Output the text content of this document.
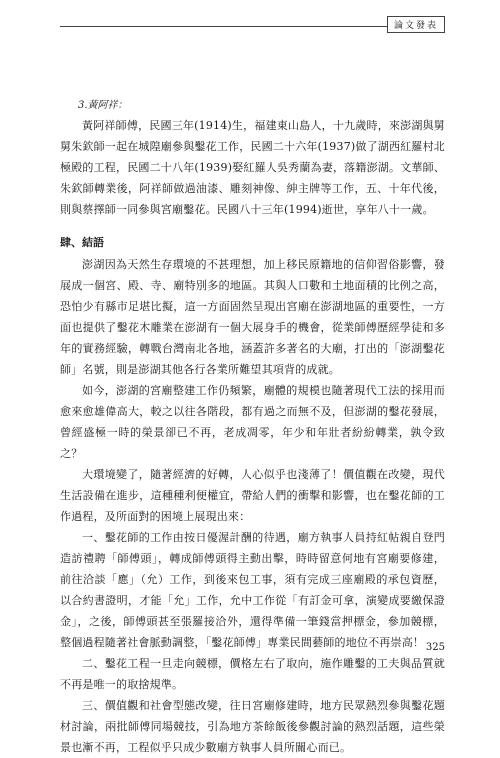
論文發表
3.黃阿祥：

黃阿祥師傅，民國三年(1914)生，福建東山島人，十九歲時，來澎湖與舅舅朱欽師一起在城隍廟參與鑿花工作，民國二十六年(1937)做了湖西紅羅村北極殿的工程，民國二十八年(1939)娶紅羅人吳秀蘭為妻，落籍澎湖。文華師、朱欽師轉業後，阿祥師做過油漆、雕刻神像、紳主牌等工作，五、十年代後，則與蔡擇師一同參與宮廟鑿花。民國八十三年(1994)逝世，享年八十一歲。

肆、結語

澎湖因為天然生存環境的不甚理想，加上移民原籍地的信仰習俗影響，發展成一個宮、殿、寺、廟特別多的地區。其與人口數和土地面積的比例之高，恐怕少有縣市足堪比擬，這一方面固然呈現出宮廟在澎湖地區的重要性，一方面也提供了鑿花木雕業在澎湖有一個大展身手的機會，從業師傅歷經學徒和多年的實務經驗，轉戰台灣南北各地，涵蓋許多著名的大廟，打出的「澎湖鑿花師」名號，則是澎湖其他各行各業所難望其項背的成就。

如今，澎湖的宮廟整建工作仍頻繁，廟體的規模也隨著現代工法的採用而愈來愈雄偉高大，較之以往各階段，都有過之而無不及，但澎湖的鑿花發展，曾經盛極一時的榮景卻已不再，老成凋零，年少和年壯者紛紛轉業，孰令致之？

大環境變了，隨著經濟的好轉，人心似乎也淺薄了！價值觀在改變，現代生活設備在進步，這種種利便權宜，帶給人們的衝擊和影響，也在鑿花師的工作過程，及所面對的困境上展現出來：

一、鑿花師的工作由按日優渥計酬的待遇，廟方執事人員持紅帖親自登門造訪禮聘「師傅頭」，轉成師傅頭得主動出擊，時時留意何地有宮廟要修建，前往洽談「應」（允）工作，到後來包工事，須有完成三座廟殿的承包資歷，以合約書證明，才能「允」工作，允中工作從「有訂金可拿，演變成要繳保證金」，之後，師傅頭甚至張羅接洽外，還得準備一筆錢當押標金，參加競標，整個過程隨著社會脈動調整，「鑿花師傅」專業民間藝師的地位不再崇高！

二、鑿花工程一旦走向競標，價格左右了取向，施作雕鑿的工夫與品質就不再是唯一的取捨規準。

三、價值觀和社會型態改變，往日宮廟修建時，地方民眾熱烈參與鑿花題材討論，兩批師傅同場競技，引為地方茶餘飯後參觀討論的熱烈話題，這些榮景也漸不再，工程似乎只成少數廟方執事人員所關心而已。

325
